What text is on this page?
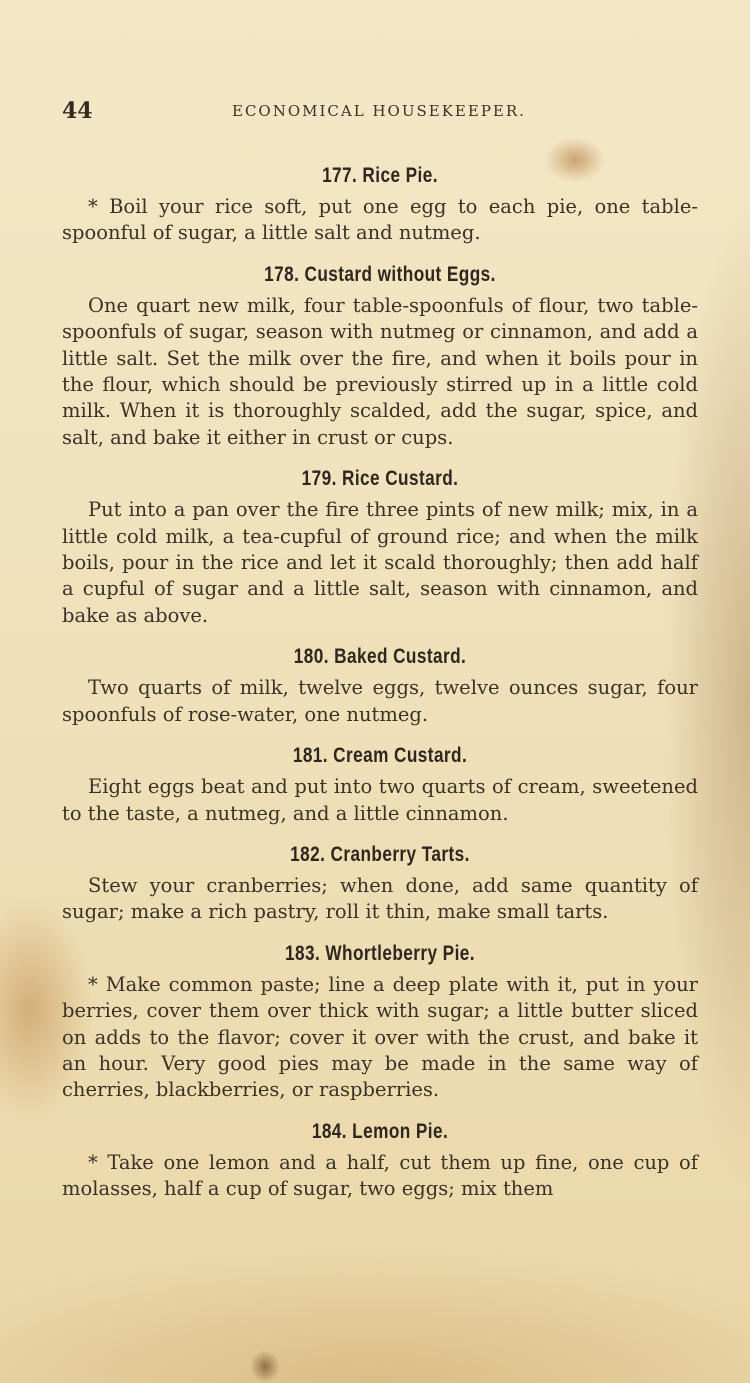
44	ECONOMICAL HOUSEKEEPER.
177. Rice Pie.

* Boil your rice soft, put one egg to each pie, one table-spoonful of sugar, a little salt and nutmeg.

178. Custard without Eggs.

One quart new milk, four table-spoonfuls of flour, two table-spoonfuls of sugar, season with nutmeg or cinnamon, and add a little salt. Set the milk over the fire, and when it boils pour in the flour, which should be previously stirred up in a little cold milk. When it is thoroughly scalded, add the sugar, spice, and salt, and bake it either in crust or cups.

179. Rice Custard.

Put into a pan over the fire three pints of new milk; mix, in a little cold milk, a tea-cupful of ground rice; and when the milk boils, pour in the rice and let it scald thoroughly; then add half a cupful of sugar and a little salt, season with cinnamon, and bake as above.

180. Baked Custard.

Two quarts of milk, twelve eggs, twelve ounces sugar, four spoonfuls of rose-water, one nutmeg.

181. Cream Custard.

Eight eggs beat and put into two quarts of cream, sweetened to the taste, a nutmeg, and a little cinnamon.

182. Cranberry Tarts.

Stew your cranberries; when done, add same quantity of sugar; make a rich pastry, roll it thin, make small tarts.

183. Whortleberry Pie.

* Make common paste; line a deep plate with it, put in your berries, cover them over thick with sugar; a little butter sliced on adds to the flavor; cover it over with the crust, and bake it an hour. Very good pies may be made in the same way of cherries, blackberries, or raspberries.

184. Lemon Pie.

* Take one lemon and a half, cut them up fine, one cup of molasses, half a cup of sugar, two eggs; mix them
